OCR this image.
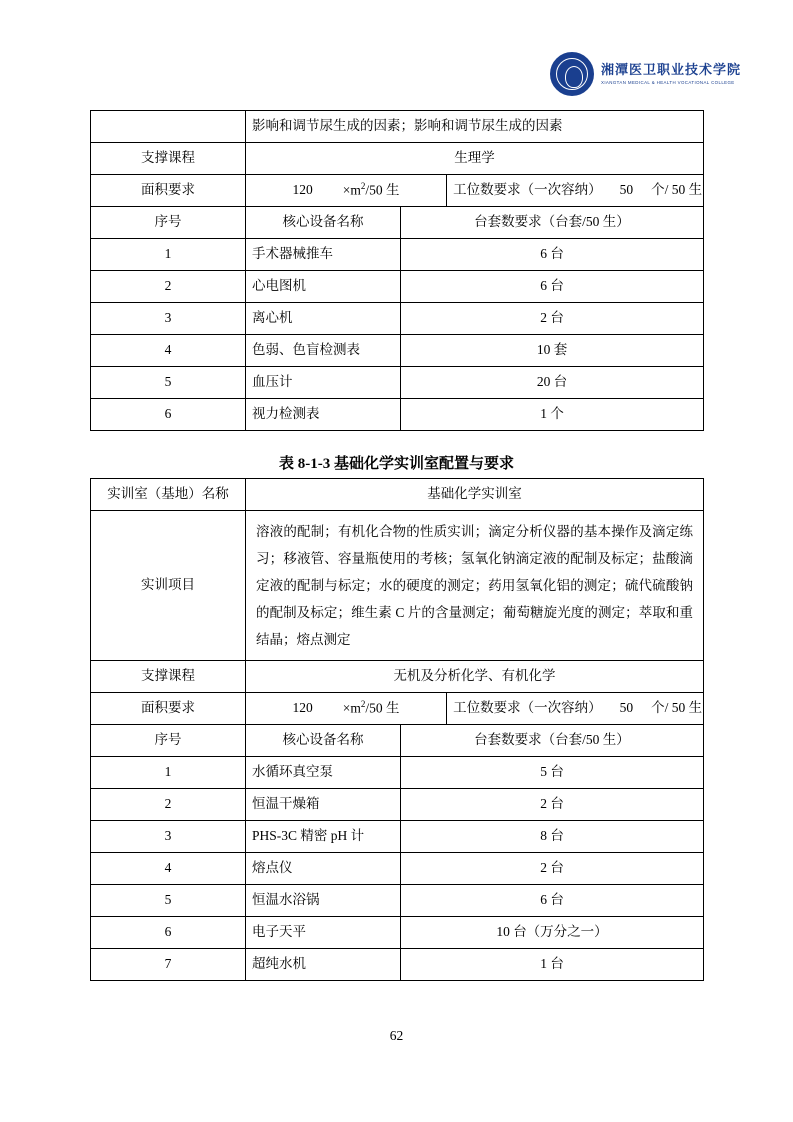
湘潭医卫职业技术学院
XIANGTAN MEDICAL & HEALTH VOCATIONAL COLLEGE
	影响和调节尿生成的因素；影响和调节尿生成的因素	
支撑课程	生理学	
面积要求	$120 \times m^2/50$ 生 工位数要求（一次容纳） 50 个/ 50 生	

序号	核心设备名称	台套数要求（台套/50 生）
1	手术器械推车	6 台
2	心电图机	6 台
3	离心机	2 台
4	色弱、色盲检测表	10 套
5	血压计	20 台
6	视力检测表	1 个
表 8-1-3 基础化学实训室配置与要求
实训室（基地）名称	基础化学实训室	
实训项目	溶液的配制；有机化合物的性质实训；滴定分析仪器的基本操作及滴定练习；移液管、容量瓶使用的考核；氢氧化钠滴定液的配制及标定；盐酸滴定液的配制与标定；水的硬度的测定；药用氢氧化铝的测定；硫代硫酸钠的配制及标定；维生素 C 片的含量测定；葡萄糖旋光度的测定；萃取和重结晶；熔点测定	
支撑课程	无机及分析化学、有机化学	
面积要求	$120 \times m^2/50$ 生 工位数要求（一次容纳） 50 个/ 50 生	

序号	核心设备名称	台套数要求（台套/50 生）
1	水循环真空泵	5 台
2	恒温干燥箱	2 台
3	PHS-3C 精密 pH 计	8 台
4	熔点仪	2 台
5	恒温水浴锅	6 台
6	电子天平	10 台（万分之一）
7	超纯水机	1 台
62
